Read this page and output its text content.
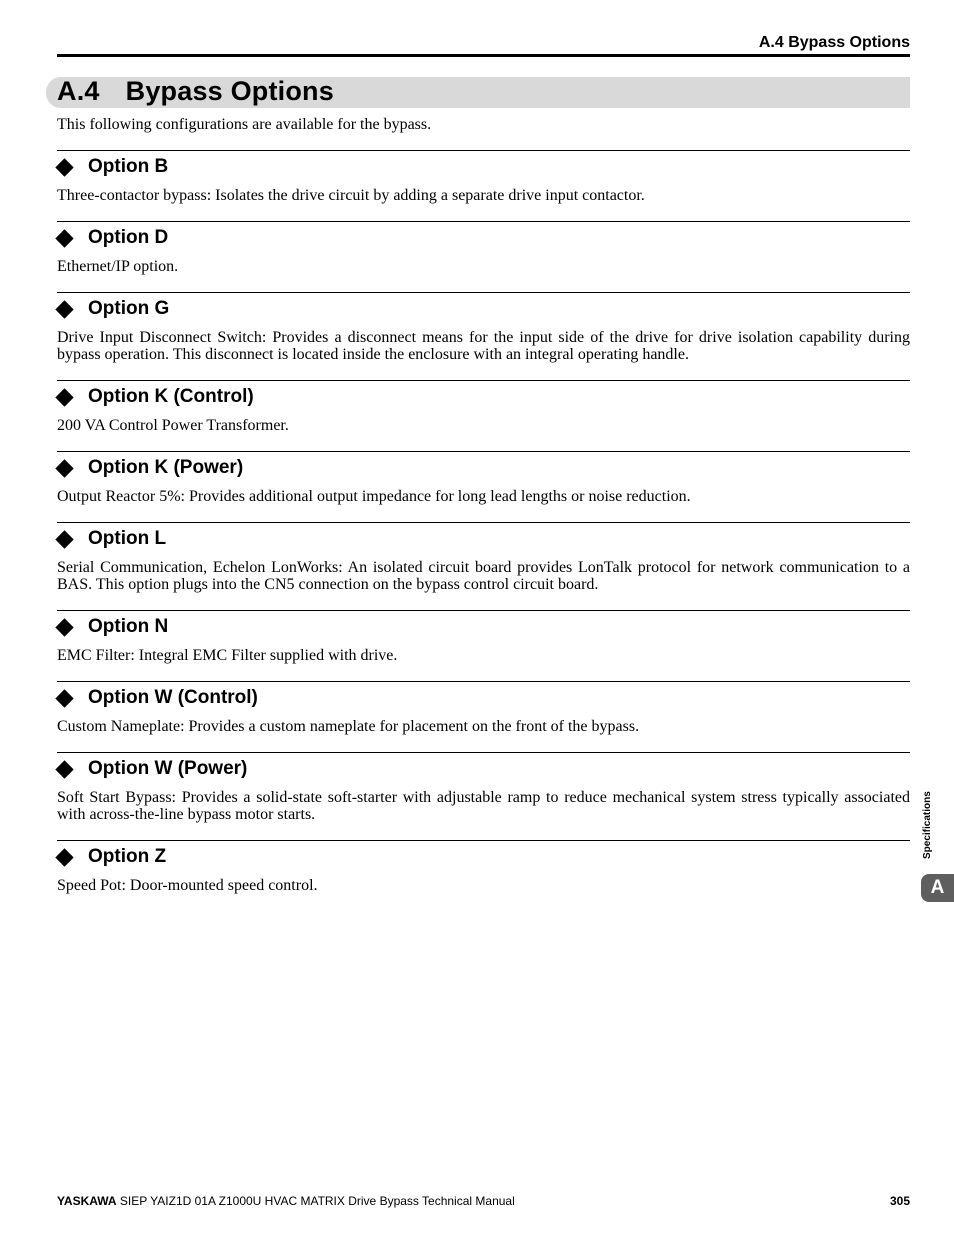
A.4 Bypass Options
A.4 Bypass Options
This following configurations are available for the bypass.
Option B
Three-contactor bypass: Isolates the drive circuit by adding a separate drive input contactor.
Option D
Ethernet/IP option.
Option G
Drive Input Disconnect Switch: Provides a disconnect means for the input side of the drive for drive isolation capability during bypass operation. This disconnect is located inside the enclosure with an integral operating handle.
Option K (Control)
200 VA Control Power Transformer.
Option K (Power)
Output Reactor 5%: Provides additional output impedance for long lead lengths or noise reduction.
Option L
Serial Communication, Echelon LonWorks: An isolated circuit board provides LonTalk protocol for network communication to a BAS. This option plugs into the CN5 connection on the bypass control circuit board.
Option N
EMC Filter: Integral EMC Filter supplied with drive.
Option W (Control)
Custom Nameplate: Provides a custom nameplate for placement on the front of the bypass.
Option W (Power)
Soft Start Bypass: Provides a solid-state soft-starter with adjustable ramp to reduce mechanical system stress typically associated with across-the-line bypass motor starts.
Option Z
Speed Pot: Door-mounted speed control.
Specifications
A
YASKAWA SIEP YAIZ1D 01A Z1000U HVAC MATRIX Drive Bypass Technical Manual	305
